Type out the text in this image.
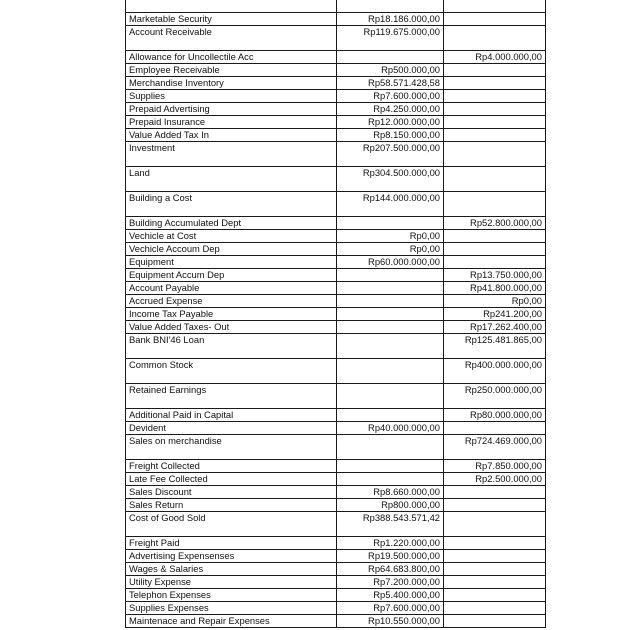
Marketable Security	Rp18.186.000,00	
Account Receivable	Rp119.675.000,00	
Allowance for Uncollectile Acc		Rp4.000.000,00
Employee Receivable	Rp500.000,00	
Merchandise Inventory	Rp58.571.428,58	
Supplies	Rp7.600.000,00	
Prepaid Advertising	Rp4.250.000,00	
Prepaid Insurance	Rp12.000.000,00	
Value Added Tax In	Rp8.150.000,00	
Investment	Rp207.500.000,00	
Land	Rp304.500.000,00	
Building a Cost	Rp144.000.000,00	
Building Accumulated Dept		Rp52.800.000,00
Vechicle at Cost	Rp0,00	
Vechicle Accoum Dep	Rp0,00	
Equipment	Rp60.000.000,00	
Equipment Accum Dep		Rp13.750.000,00
Account Payable		Rp41.800.000,00
Accrued Expense		Rp0,00
Income Tax Payable		Rp241.200,00
Value Added Taxes- Out		Rp17.262.400,00
Bank BNI'46 Loan		Rp125.481.865,00
Common Stock		Rp400.000.000,00
Retained Earnings		Rp250.000.000,00
Additional Paid in Capital		Rp80.000.000,00
Devident	Rp40.000.000,00	
Sales on merchandise		Rp724.469.000,00
Freight Collected		Rp7.850.000,00
Late Fee Collected		Rp2.500.000,00
Sales Discount	Rp8.660.000,00	
Sales Return	Rp800.000,00	
Cost of Good Sold	Rp388.543.571,42	
Freight Paid	Rp1.220.000,00	
Advertising Expensenses	Rp19.500.000,00	
Wages & Salaries	Rp64.683.800,00	
Utility Expense	Rp7.200.000,00	
Telephon Expenses	Rp5.400.000,00	
Supplies Expenses	Rp7.600.000,00	
Maintenace and Repair Expenses	Rp10.550.000,00	
